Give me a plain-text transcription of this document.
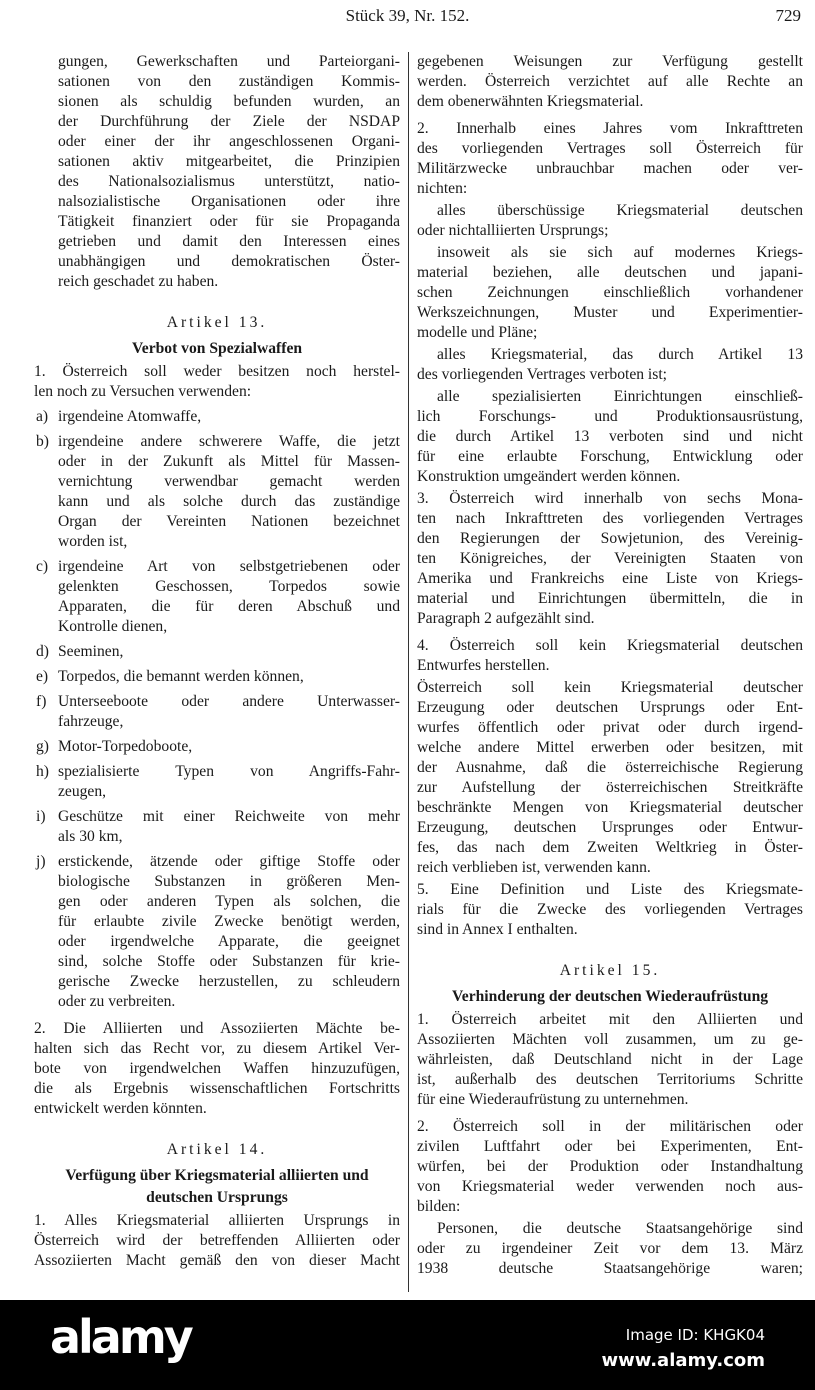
Stück 39, Nr. 152.	729
gungen, Gewerkschaften und Parteiorgani-
sationen von den zuständigen Kommis-
sionen als schuldig befunden wurden, an
der Durchführung der Ziele der NSDAP
oder einer der ihr angeschlossenen Organi-
sationen aktiv mitgearbeitet, die Prinzipien
des Nationalsozialismus unterstützt, natio-
nalsozialistische Organisationen oder ihre
Tätigkeit finanziert oder für sie Propaganda
getrieben und damit den Interessen eines
unabhängigen und demokratischen Öster-
reich geschadet zu haben.
Artikel 13.
Verbot von Spezialwaffen
1. Österreich soll weder besitzen noch herstel-
len noch zu Versuchen verwenden:
a) irgendeine Atomwaffe,
b) irgendeine andere schwerere Waffe, die jetzt
oder in der Zukunft als Mittel für Massen-
vernichtung verwendbar gemacht werden
kann und als solche durch das zuständige
Organ der Vereinten Nationen bezeichnet
worden ist,
c) irgendeine Art von selbstgetriebenen oder
gelenkten Geschossen, Torpedos sowie
Apparaten, die für deren Abschuß und
Kontrolle dienen,
d) Seeminen,
e) Torpedos, die bemannt werden können,
f) Unterseeboote oder andere Unterwasser-
fahrzeuge,
g) Motor-Torpedoboote,
h) spezialisierte Typen von Angriffs-Fahr-
zeugen,
i) Geschütze mit einer Reichweite von mehr
als 30 km,
j) erstickende, ätzende oder giftige Stoffe oder
biologische Substanzen in größeren Men-
gen oder anderen Typen als solchen, die
für erlaubte zivile Zwecke benötigt werden,
oder irgendwelche Apparate, die geeignet
sind, solche Stoffe oder Substanzen für krie-
gerische Zwecke herzustellen, zu schleudern
oder zu verbreiten.
2. Die Alliierten und Assoziierten Mächte be-
halten sich das Recht vor, zu diesem Artikel Ver-
bote von irgendwelchen Waffen hinzuzufügen,
die als Ergebnis wissenschaftlichen Fortschritts
entwickelt werden könnten.
Artikel 14.
Verfügung über Kriegsmaterial alliierten und
deutschen Ursprungs
1. Alles Kriegsmaterial alliierten Ursprungs in
Österreich wird der betreffenden Alliierten oder
Assoziierten Macht gemäß den von dieser Macht
gegebenen Weisungen zur Verfügung gestellt
werden. Österreich verzichtet auf alle Rechte an
dem obenerwähnten Kriegsmaterial.
2. Innerhalb eines Jahres vom Inkrafttreten
des vorliegenden Vertrages soll Österreich für
Militärzwecke unbrauchbar machen oder ver-
nichten:
alles überschüssige Kriegsmaterial deutschen
oder nichtalliierten Ursprungs;
insoweit als sie sich auf modernes Kriegs-
material beziehen, alle deutschen und japani-
schen Zeichnungen einschließlich vorhandener
Werkszeichnungen, Muster und Experimentier-
modelle und Pläne;
alles Kriegsmaterial, das durch Artikel 13
des vorliegenden Vertrages verboten ist;
alle spezialisierten Einrichtungen einschließ-
lich Forschungs- und Produktionsausrüstung,
die durch Artikel 13 verboten sind und nicht
für eine erlaubte Forschung, Entwicklung oder
Konstruktion umgeändert werden können.
3. Österreich wird innerhalb von sechs Mona-
ten nach Inkrafttreten des vorliegenden Vertrages
den Regierungen der Sowjetunion, des Vereinig-
ten Königreiches, der Vereinigten Staaten von
Amerika und Frankreichs eine Liste von Kriegs-
material und Einrichtungen übermitteln, die in
Paragraph 2 aufgezählt sind.
4. Österreich soll kein Kriegsmaterial deutschen
Entwurfes herstellen.
Österreich soll kein Kriegsmaterial deutscher
Erzeugung oder deutschen Ursprungs oder Ent-
wurfes öffentlich oder privat oder durch irgend-
welche andere Mittel erwerben oder besitzen, mit
der Ausnahme, daß die österreichische Regierung
zur Aufstellung der österreichischen Streitkräfte
beschränkte Mengen von Kriegsmaterial deutscher
Erzeugung, deutschen Ursprunges oder Entwur-
fes, das nach dem Zweiten Weltkrieg in Öster-
reich verblieben ist, verwenden kann.
5. Eine Definition und Liste des Kriegsmate-
rials für die Zwecke des vorliegenden Vertrages
sind in Annex I enthalten.
Artikel 15.
Verhinderung der deutschen Wiederaufrüstung
1. Österreich arbeitet mit den Alliierten und
Assoziierten Mächten voll zusammen, um zu ge-
währleisten, daß Deutschland nicht in der Lage
ist, außerhalb des deutschen Territoriums Schritte
für eine Wiederaufrüstung zu unternehmen.
2. Österreich soll in der militärischen oder
zivilen Luftfahrt oder bei Experimenten, Ent-
würfen, bei der Produktion oder Instandhaltung
von Kriegsmaterial weder verwenden noch aus-
bilden:
Personen, die deutsche Staatsangehörige sind
oder zu irgendeiner Zeit vor dem 13. März
1938 deutsche Staatsangehörige waren;
alamy	Image ID: KHGK04
www.alamy.com
